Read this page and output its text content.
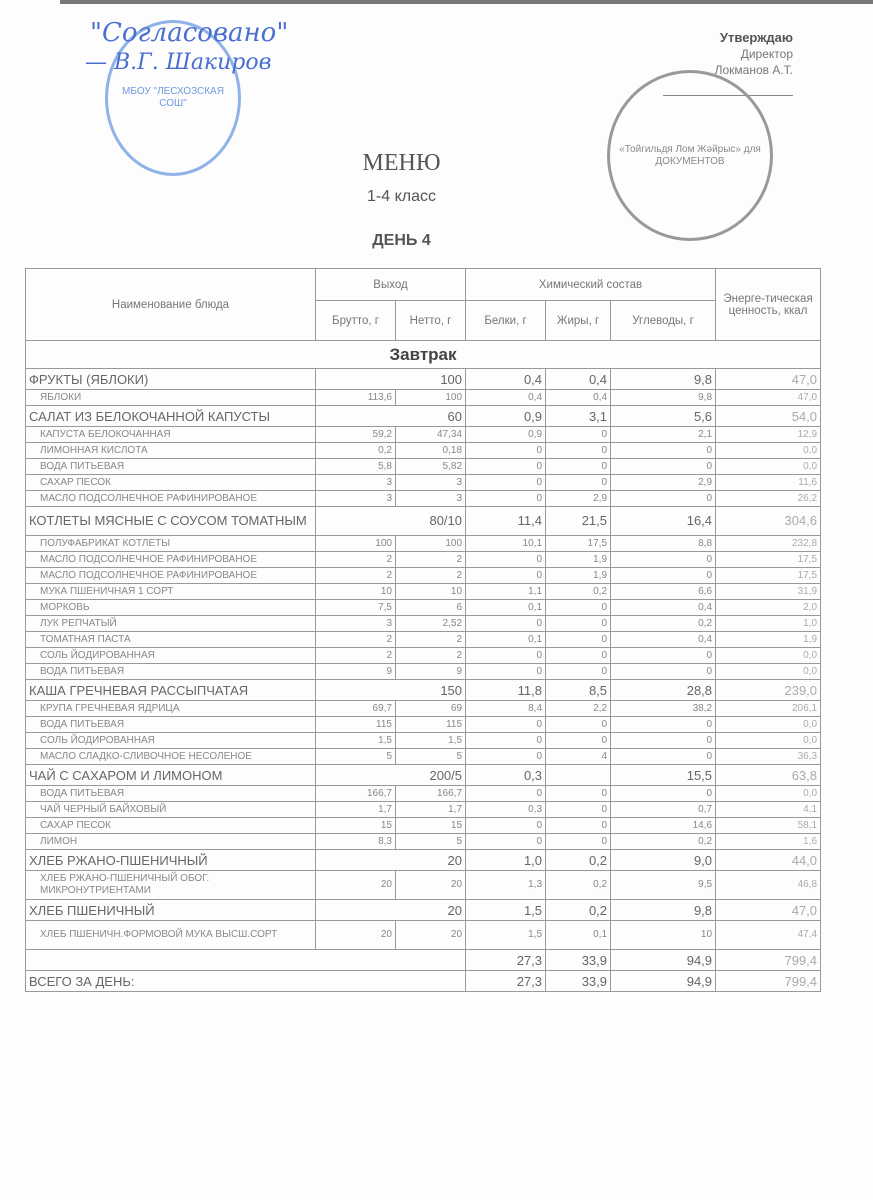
МБОУ "ЛЕСХОЗСКАЯ СОШ"
"Согласовано"
— В.Г. Шакиров
Утверждаю
Директор
Локманов А.Т.
«Тойгильдя Лом Жәйрыс» для ДОКУМЕНТОВ
МЕНЮ
1-4 класс
ДЕНЬ 4
Наименование блюда	Выход		Химический состав			Энерге-тическая ценность, ккал
	Брутто, г	Нетто, г	Белки, г	Жиры, г	Углеводы, г	
Завтрак						
ФРУКТЫ (ЯБЛОКИ)	100		0,4	0,4	9,8	47,0
ЯБЛОКИ	113,6	100	0,4	0,4	9,8	47,0
САЛАТ ИЗ БЕЛОКОЧАННОЙ КАПУСТЫ	60		0,9	3,1	5,6	54,0
КАПУСТА БЕЛОКОЧАННАЯ	59,2	47,34	0,9	0	2,1	12,9
ЛИМОННАЯ КИСЛОТА	0,2	0,18	0	0	0	0,0
ВОДА ПИТЬЕВАЯ	5,8	5,82	0	0	0	0,0
САХАР ПЕСОК	3	3	0	0	2,9	11,6
МАСЛО ПОДСОЛНЕЧНОЕ РАФИНИРОВАНОЕ	3	3	0	2,9	0	26,2
КОТЛЕТЫ МЯСНЫЕ С СОУСОМ ТОМАТНЫМ	80/10		11,4	21,5	16,4	304,6
ПОЛУФАБРИКАТ КОТЛЕТЫ	100	100	10,1	17,5	8,8	232,8
МАСЛО ПОДСОЛНЕЧНОЕ РАФИНИРОВАНОЕ	2	2	0	1,9	0	17,5
МАСЛО ПОДСОЛНЕЧНОЕ РАФИНИРОВАНОЕ	2	2	0	1,9	0	17,5
МУКА ПШЕНИЧНАЯ 1 СОРТ	10	10	1,1	0,2	6,6	31,9
МОРКОВЬ	7,5	6	0,1	0	0,4	2,0
ЛУК РЕПЧАТЫЙ	3	2,52	0	0	0,2	1,0
ТОМАТНАЯ ПАСТА	2	2	0,1	0	0,4	1,9
СОЛЬ ЙОДИРОВАННАЯ	2	2	0	0	0	0,0
ВОДА ПИТЬЕВАЯ	9	9	0	0	0	0,0
КАША ГРЕЧНЕВАЯ РАССЫПЧАТАЯ	150		11,8	8,5	28,8	239,0
КРУПА ГРЕЧНЕВАЯ ЯДРИЦА	69,7	69	8,4	2,2	38,2	206,1
ВОДА ПИТЬЕВАЯ	115	115	0	0	0	0,0
СОЛЬ ЙОДИРОВАННАЯ	1,5	1,5	0	0	0	0,0
МАСЛО СЛАДКО-СЛИВОЧНОЕ НЕСОЛЕНОЕ	5	5	0	4	0	36,3
ЧАЙ С САХАРОМ И ЛИМОНОМ	200/5		0,3		15,5	63,8
ВОДА ПИТЬЕВАЯ	166,7	166,7	0	0	0	0,0
ЧАЙ ЧЕРНЫЙ БАЙХОВЫЙ	1,7	1,7	0,3	0	0,7	4,1
САХАР ПЕСОК	15	15	0	0	14,6	58,1
ЛИМОН	8,3	5	0	0	0,2	1,6
ХЛЕБ РЖАНО-ПШЕНИЧНЫЙ	20		1,0	0,2	9,0	44,0
ХЛЕБ РЖАНО-ПШЕНИЧНЫЙ ОБОГ. МИКРОНУТРИЕНТАМИ	20	20	1,3	0,2	9,5	46,8
ХЛЕБ ПШЕНИЧНЫЙ	20		1,5	0,2	9,8	47,0
ХЛЕБ ПШЕНИЧН.ФОРМОВОЙ МУКА ВЫСШ.СОРТ	20	20	1,5	0,1	10	47,4
			27,3	33,9	94,9	799,4
ВСЕГО ЗА ДЕНЬ:			27,3	33,9	94,9	799,4
